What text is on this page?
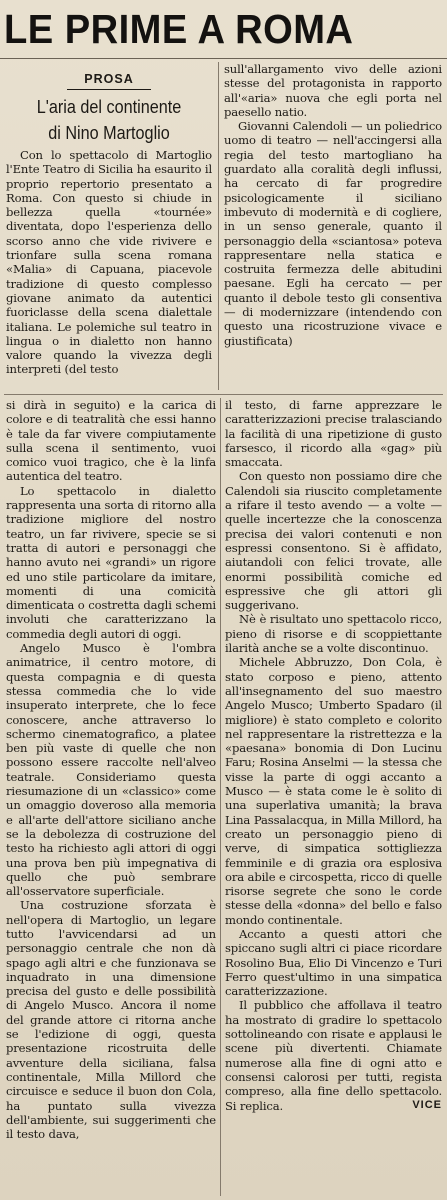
LE PRIME A ROMA
PROSA
L'aria del continente
di Nino Martoglio

Con lo spettacolo di Martoglio l'Ente Teatro di Sicilia ha esaurito il proprio repertorio presentato a Roma. Con questo si chiude in bellezza quella «tournée» diventata, dopo l'esperienza dello scorso anno che vide rivivere e trionfare sulla scena romana «Malia» di Capuana, piacevole tradizione di questo complesso giovane animato da autentici fuoriclasse della scena dialettale italiana. Le polemiche sul teatro in lingua o in dialetto non hanno valore quando la vivezza degli interpreti (del testo

sull'allargamento vivo delle azioni stesse del protagonista in rapporto all'«aria» nuova che egli porta nel paesello natio.

Giovanni Calendoli — un poliedrico uomo di teatro — nell'accingersi alla regia del testo martogliano ha guardato alla coralità degli influssi, ha cercato di far progredire psicologicamente il siciliano imbevuto di modernità e di cogliere, in un senso generale, quanto il personaggio della «sciantosa» poteva rappresentare nella statica e costruita fermezza delle abitudini paesane. Egli ha cercato — per quanto il debole testo gli consentiva — di modernizzare (intendendo con questo una ricostruzione vivace e giustificata)

si dirà in seguito) e la carica di colore e di teatralità che essi hanno è tale da far vivere compiutamente sulla scena il sentimento, vuoi comico vuoi tragico, che è la linfa autentica del teatro.

Lo spettacolo in dialetto rappresenta una sorta di ritorno alla tradizione migliore del nostro teatro, un far rivivere, specie se si tratta di autori e personaggi che hanno avuto nei «grandi» un rigore ed uno stile particolare da imitare, momenti di una comicità dimenticata o costretta dagli schemi involuti che caratterizzano la commedia degli autori di oggi.

Angelo Musco è l'ombra animatrice, il centro motore, di questa compagnia e di questa stessa commedia che lo vide insuperato interprete, che lo fece conoscere, anche attraverso lo schermo cinematografico, a platee ben più vaste di quelle che non possono essere raccolte nell'alveo teatrale. Consideriamo questa riesumazione di un «classico» come un omaggio doveroso alla memoria e all'arte dell'attore siciliano anche se la debolezza di costruzione del testo ha richiesto agli attori di oggi una prova ben più impegnativa di quello che può sembrare all'osservatore superficiale.

Una costruzione sforzata è nell'opera di Martoglio, un legare tutto l'avvicendarsi ad un personaggio centrale che non dà spago agli altri e che funzionava se inquadrato in una dimensione precisa del gusto e delle possibilità di Angelo Musco. Ancora il nome del grande attore ci ritorna anche se l'edizione di oggi, questa presentazione ricostruita delle avventure della siciliana, falsa continentale, Milla Millord che circuisce e seduce il buon don Cola, ha puntato sulla vivezza dell'ambiente, sui suggerimenti che il testo dava,

il testo, di farne apprezzare le caratterizzazioni precise tralasciando la facilità di una ripetizione di gusto farsesco, il ricordo alla «gag» più smaccata.

Con questo non possiamo dire che Calendoli sia riuscito completamente a rifare il testo avendo — a volte — quelle incertezze che la conoscenza precisa dei valori contenuti e non espressi consentono. Si è affidato, aiutandoli con felici trovate, alle enormi possibilità comiche ed espressive che gli attori gli suggerivano.

Nè è risultato uno spettacolo ricco, pieno di risorse e di scoppiettante ilarità anche se a volte discontinuo.

Michele Abbruzzo, Don Cola, è stato corposo e pieno, attento all'insegnamento del suo maestro Angelo Musco; Umberto Spadaro (il migliore) è stato completo e colorito nel rappresentare la ristrettezza e la «paesana» bonomia di Don Lucinu Faru; Rosina Anselmi — la stessa che visse la parte di oggi accanto a Musco — è stata come le è solito di una superlativa umanità; la brava Lina Passalacqua, in Milla Millord, ha creato un personaggio pieno di verve, di simpatica sottigliezza femminile e di grazia ora esplosiva ora abile e circospetta, ricco di quelle risorse segrete che sono le corde stesse della «donna» del bello e falso mondo continentale.

Accanto a questi attori che spiccano sugli altri ci piace ricordare Rosolino Bua, Elio Di Vincenzo e Turi Ferro quest'ultimo in una simpatica caratterizzazione.

Il pubblico che affollava il teatro ha mostrato di gradire lo spettacolo sottolineando con risate e applausi le scene più divertenti. Chiamate numerose alla fine di ogni atto e consensi calorosi per tutti, regista compreso, alla fine dello spettacolo. Si replica.	VICE
